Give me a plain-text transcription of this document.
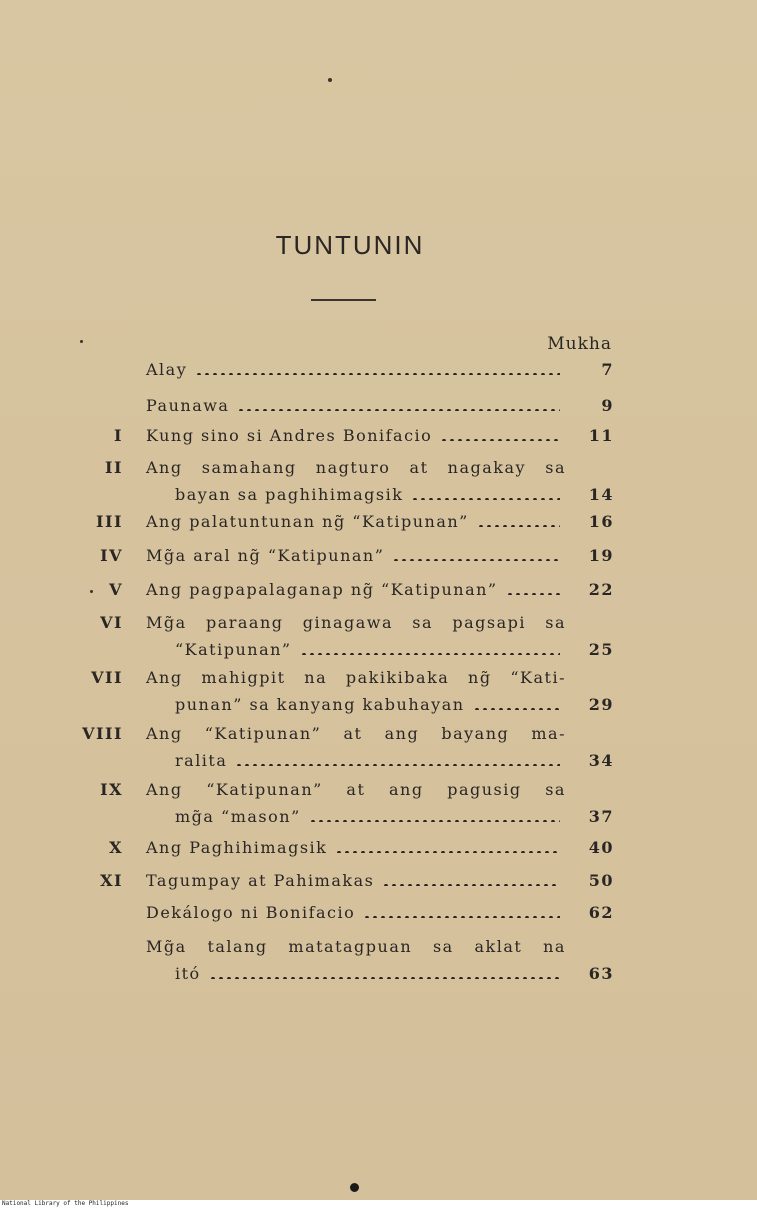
TUNTUNIN
Mukha
Alay	7
Paunawa	9
I Kung sino si Andres Bonifacio	11
II Ang samahang nagturo at nagakay sa
bayan sa paghihimagsik	14
III Ang palatuntunan ng̃ “Katipunan”	16
IV Mg̃a aral ng̃ “Katipunan”	19
V Ang pagpapalaganap ng̃ “Katipunan”	22
VI Mg̃a paraang ginagawa sa pagsapi sa
“Katipunan”	25
VII Ang mahigpit na pakikibaka ng̃ “Kati-
punan” sa kanyang kabuhayan	29
VIII Ang “Katipunan” at ang bayang ma-
ralita	34
IX Ang “Katipunan” at ang pagusig sa
mg̃a “mason”	37
X Ang Paghihimagsik	40
XI Tagumpay at Pahimakas	50
Dekálogo ni Bonifacio	62
Mg̃a talang matatagpuan sa aklat na
itó	63
National Library of the Philippines
